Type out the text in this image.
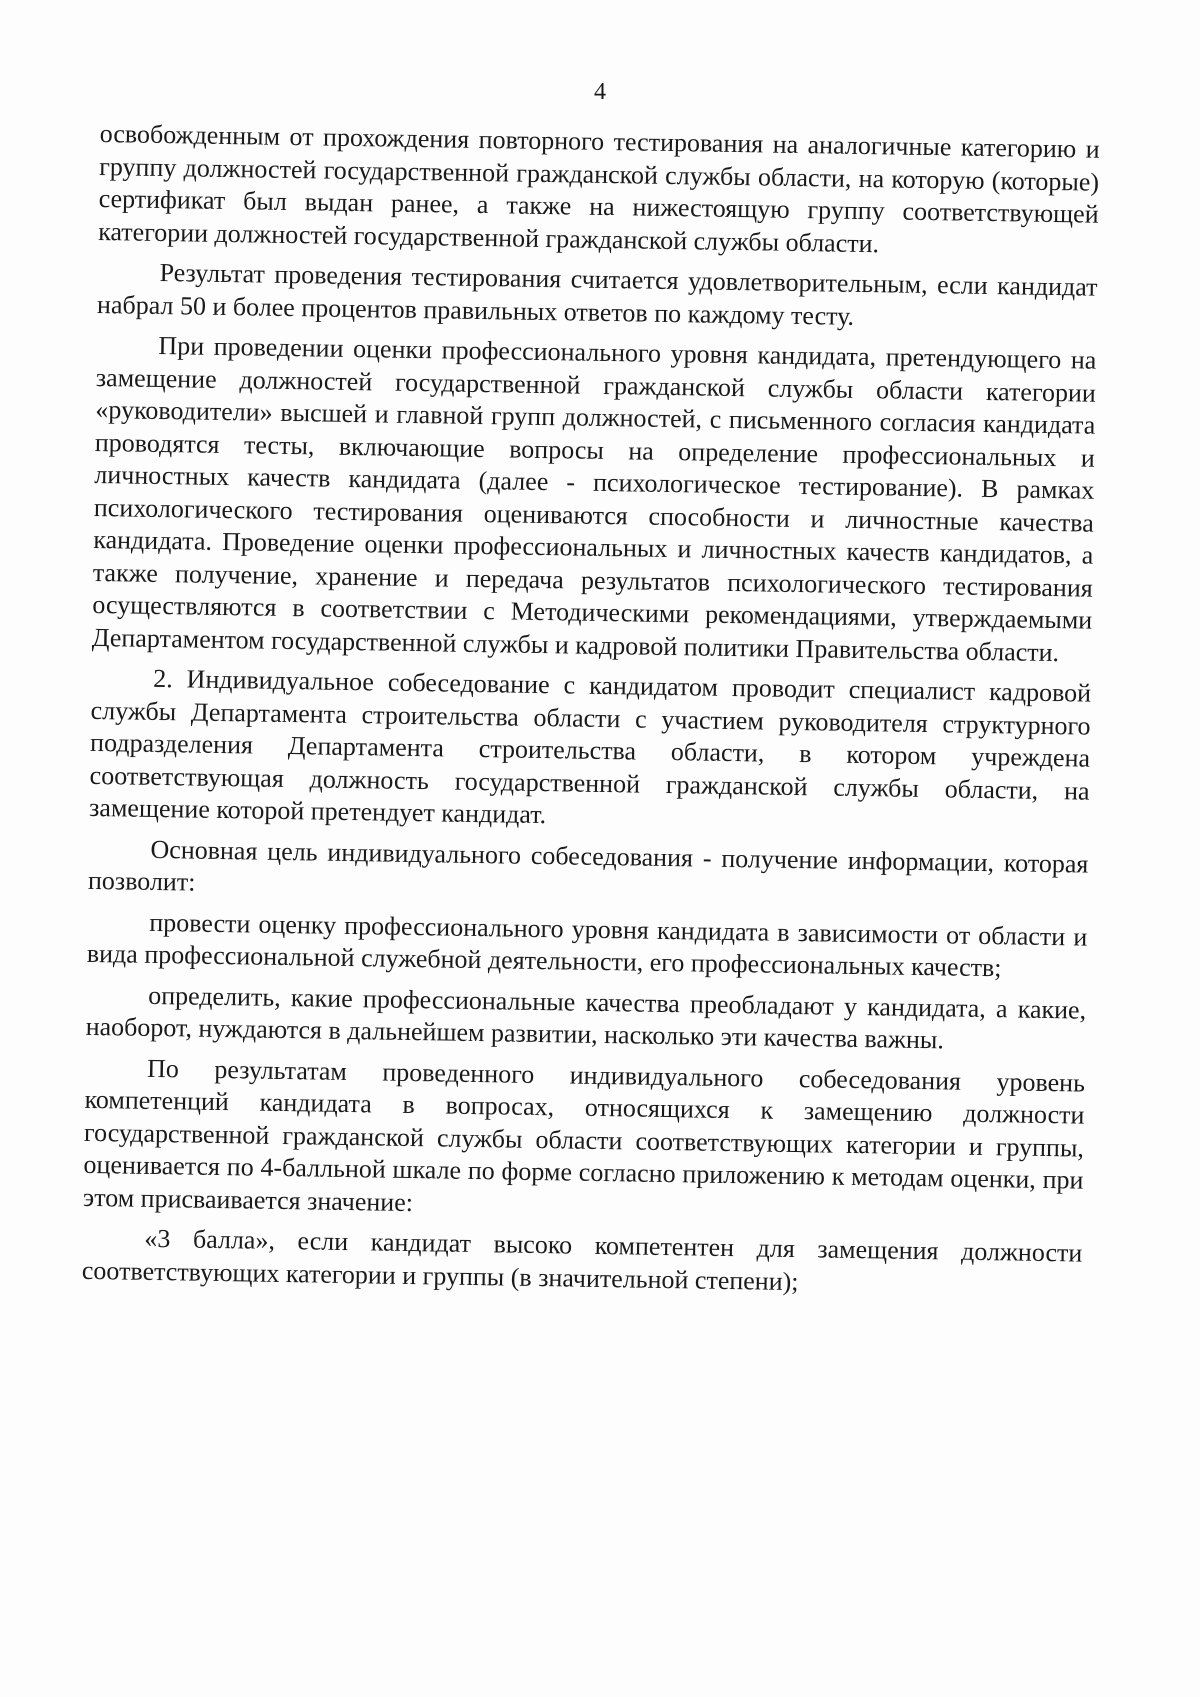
4

освобожденным от прохождения повторного тестирования на аналогичные категорию и группу должностей государственной гражданской службы области, на которую (которые) сертификат был выдан ранее, а также на нижестоящую группу соответствующей категории должностей государственной гражданской службы области.

Результат проведения тестирования считается удовлетворительным, если кандидат набрал 50 и более процентов правильных ответов по каждому тесту.

При проведении оценки профессионального уровня кандидата, претендующего на замещение должностей государственной гражданской службы области категории «руководители» высшей и главной групп должностей, с письменного согласия кандидата проводятся тесты, включающие вопросы на определение профессиональных и личностных качеств кандидата (далее - психологическое тестирование). В рамках психологического тестирования оцениваются способности и личностные качества кандидата. Проведение оценки профессиональных и личностных качеств кандидатов, а также получение, хранение и передача результатов психологического тестирования осуществляются в соответствии с Методическими рекомендациями, утверждаемыми Департаментом государственной службы и кадровой политики Правительства области.

2. Индивидуальное собеседование с кандидатом проводит специалист кадровой службы Департамента строительства области с участием руководителя структурного подразделения Департамента строительства области, в котором учреждена соответствующая должность государственной гражданской службы области, на замещение которой претендует кандидат.

Основная цель индивидуального собеседования - получение информации, которая позволит:

провести оценку профессионального уровня кандидата в зависимости от области и вида профессиональной служебной деятельности, его профессиональных качеств;

определить, какие профессиональные качества преобладают у кандидата, а какие, наоборот, нуждаются в дальнейшем развитии, насколько эти качества важны.

По результатам проведенного индивидуального собеседования уровень компетенций кандидата в вопросах, относящихся к замещению должности государственной гражданской службы области соответствующих категории и группы, оценивается по 4-балльной шкале по форме согласно приложению к методам оценки, при этом присваивается значение:

«3 балла», если кандидат высоко компетентен для замещения должности соответствующих категории и группы (в значительной степени);
